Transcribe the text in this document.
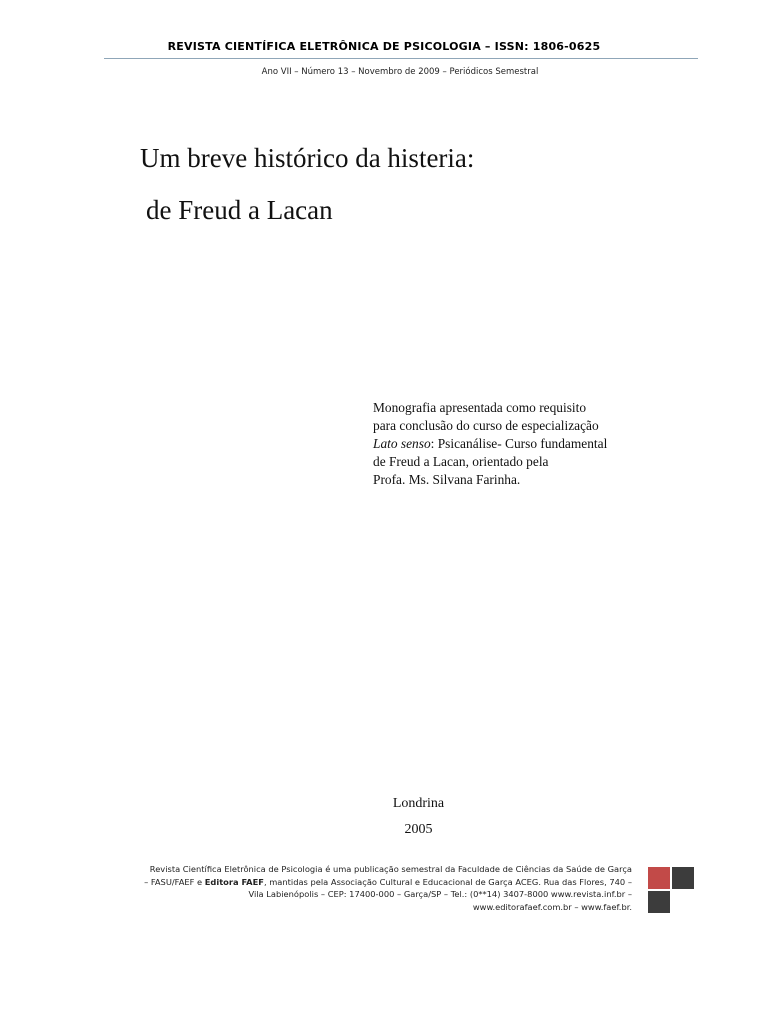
REVISTA CIENTÍFICA ELETRÔNICA DE PSICOLOGIA – ISSN: 1806-0625
Ano VII – Número 13 – Novembro de 2009 – Periódicos Semestral
Um breve histórico da histeria:
de Freud a Lacan
Monografia apresentada como requisito
para conclusão do curso de especialização
Lato senso: Psicanálise- Curso fundamental
de Freud a Lacan, orientado pela
Profa. Ms. Silvana Farinha.
Londrina
2005
Revista Científica Eletrônica de Psicologia é uma publicação semestral da Faculdade de Ciências da Saúde de Garça
– FASU/FAEF e Editora FAEF, mantidas pela Associação Cultural e Educacional de Garça ACEG. Rua das Flores, 740 –
Vila Labienópolis – CEP: 17400-000 – Garça/SP – Tel.: (0**14) 3407-8000 www.revista.inf.br –
www.editorafaef.com.br – www.faef.br.
